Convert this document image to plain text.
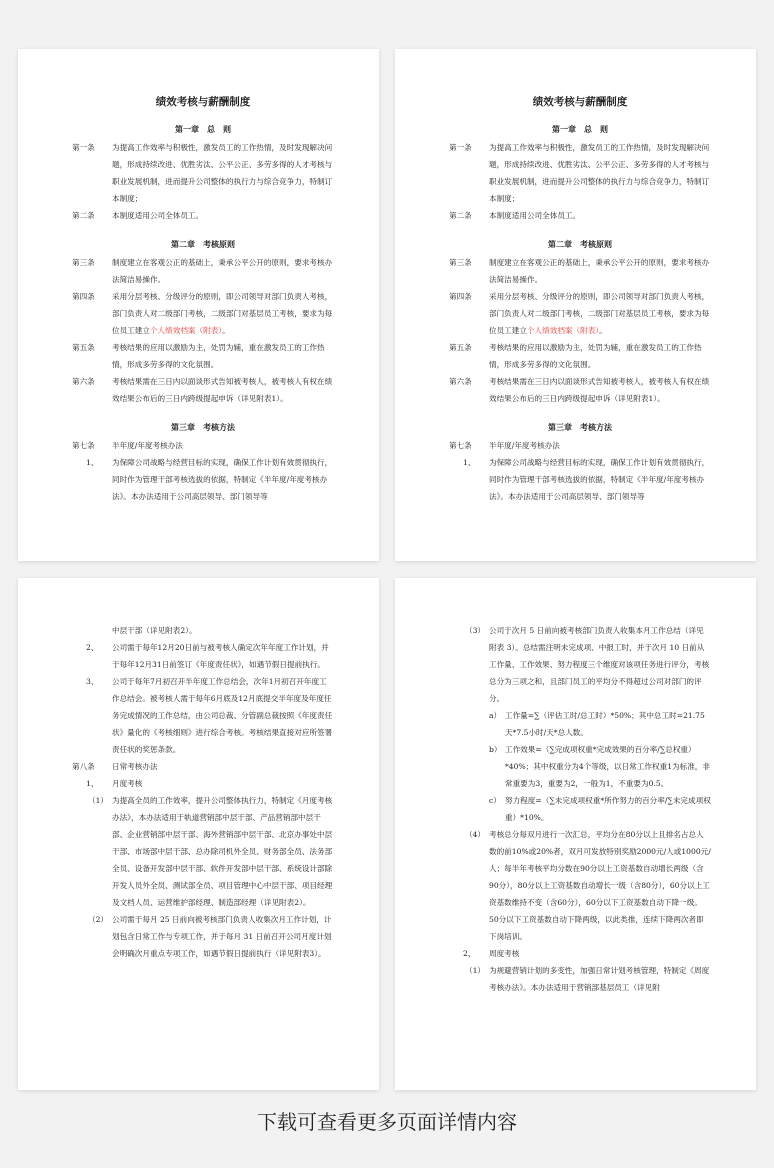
绩效考核与薪酬制度
第一章　总　则
第一条 为提高工作效率与积极性，激发员工的工作热情，及时发现解决问题，形成持续改进、优胜劣汰、公平公正、多劳多得的人才考核与职业发展机制，进而提升公司整体的执行力与综合竞争力，特制订本制度；
第二条 本制度适用公司全体员工。
第二章　考核原则
第三条 制度建立在客观公正的基础上，秉承公平公开的原则，要求考核办法简洁易操作。
第四条 采用分层考核、分级评分的原则，即公司领导对部门负责人考核，部门负责人对二级部门考核，二级部门对基层员工考核，要求为每位员工建立个人绩效档案（附表）。
第五条 考核结果的应用以激励为主，处罚为辅，重在激发员工的工作热情，形成多劳多得的文化氛围。
第六条 考核结果需在三日内以面谈形式告知被考核人，被考核人有权在绩效结果公布后的三日内跨级提起申诉（详见附表1）。
第三章　考核方法
第七条 半年度/年度考核办法
1、 为保障公司战略与经营目标的实现，确保工作计划有效贯彻执行，同时作为管理干部考核选拔的依据，特制定《半年度/年度考核办法》。本办法适用于公司高层领导、部门领导等
绩效考核与薪酬制度
第一章　总　则
第一条 为提高工作效率与积极性，激发员工的工作热情，及时发现解决问题，形成持续改进、优胜劣汰、公平公正、多劳多得的人才考核与职业发展机制，进而提升公司整体的执行力与综合竞争力，特制订本制度；
第二条 本制度适用公司全体员工。
第二章　考核原则
第三条 制度建立在客观公正的基础上，秉承公平公开的原则，要求考核办法简洁易操作。
第四条 采用分层考核、分级评分的原则，即公司领导对部门负责人考核，部门负责人对二级部门考核，二级部门对基层员工考核，要求为每位员工建立个人绩效档案（附表）。
第五条 考核结果的应用以激励为主，处罚为辅，重在激发员工的工作热情，形成多劳多得的文化氛围。
第六条 考核结果需在三日内以面谈形式告知被考核人，被考核人有权在绩效结果公布后的三日内跨级提起申诉（详见附表1）。
第三章　考核方法
第七条 半年度/年度考核办法
1、 为保障公司战略与经营目标的实现，确保工作计划有效贯彻执行，同时作为管理干部考核选拔的依据，特制定《半年度/年度考核办法》。本办法适用于公司高层领导、部门领导等
中层干部（详见附表2）。
2、 公司需于每年12月20日前与被考核人确定次年年度工作计划，并于每年12月31日前签订《年度责任状》，如遇节假日提前执行。
3、 公司于每年7月初召开半年度工作总结会，次年1月初召开年度工作总结会。被考核人需于每年6月底及12月底提交半年度及年度任务完成情况的工作总结，由公司总裁、分管副总裁按照《年度责任状》量化的《考核细则》进行综合考核。考核结果直接对应所签署责任状的奖惩条款。
第八条 日常考核办法
1、 月度考核
（1） 为提高全员的工作效率，提升公司整体执行力，特制定《月度考核办法》，本办法适用于轨道营销部中层干部、产品营销部中层干部、企业营销部中层干部、海外营销部中层干部、北京办事处中层干部、市场部中层干部、总办除司机外全员、财务部全员、法务部全员、设备开发部中层干部、软件开发部中层干部、系统设计部除开发人员外全员、测试部全员、项目管理中心中层干部、项目经理及文档人员、运营维护部经理、制造部经理（详见附表2）。
（2） 公司需于每月 25 日前向被考核部门负责人收集次月工作计划，计划包含日常工作与专项工作，并于每月 31 日前召开公司月度计划会明确次月重点专项工作，如遇节假日提前执行（详见附表3）。
（3） 公司于次月 5 日前向被考核部门负责人收集本月工作总结（详见附表 3）。总结需注明未完成项、中报工时，并于次月 10 日前从工作量、工作效果、努力程度三个维度对该项任务进行评分，考核总分为三项之和，且部门员工的平均分不得超过公司对部门的评分。
a） 工作量=∑（评估工时/总工时）*50%；其中总工时=21.75天*7.5小时/天*总人数。
b） 工作效果=（∑完成项权重*完成效果的百分率/∑总权重）*40%；其中权重分为4个等级，以日常工作权重1为标准，非常重要为3，重要为2，一般为1，不重要为0.5。
c） 努力程度=（∑未完成项权重*所作努力的百分率/∑未完成项权重）*10%。
（4） 考核总分每双月进行一次汇总，平均分在80分以上且排名占总人数的前10%或20%者，双月可发放特别奖励2000元/人或1000元/人；每半年考核平均分数在90分以上工资基数自动增长两级（含90分），80分以上工资基数自动增长一级（含80分），60分以上工资基数维持不变（含60分），60分以下工资基数自动下降一级。50分以下工资基数自动下降两级，以此类推，连续下降两次者即下岗培训。
2、 周度考核
（1） 为规避营销计划的多变性，加强日常计划考核管理，特制定《周度考核办法》。本办法适用于营销部基层员工（详见附
下载可查看更多页面详情内容
